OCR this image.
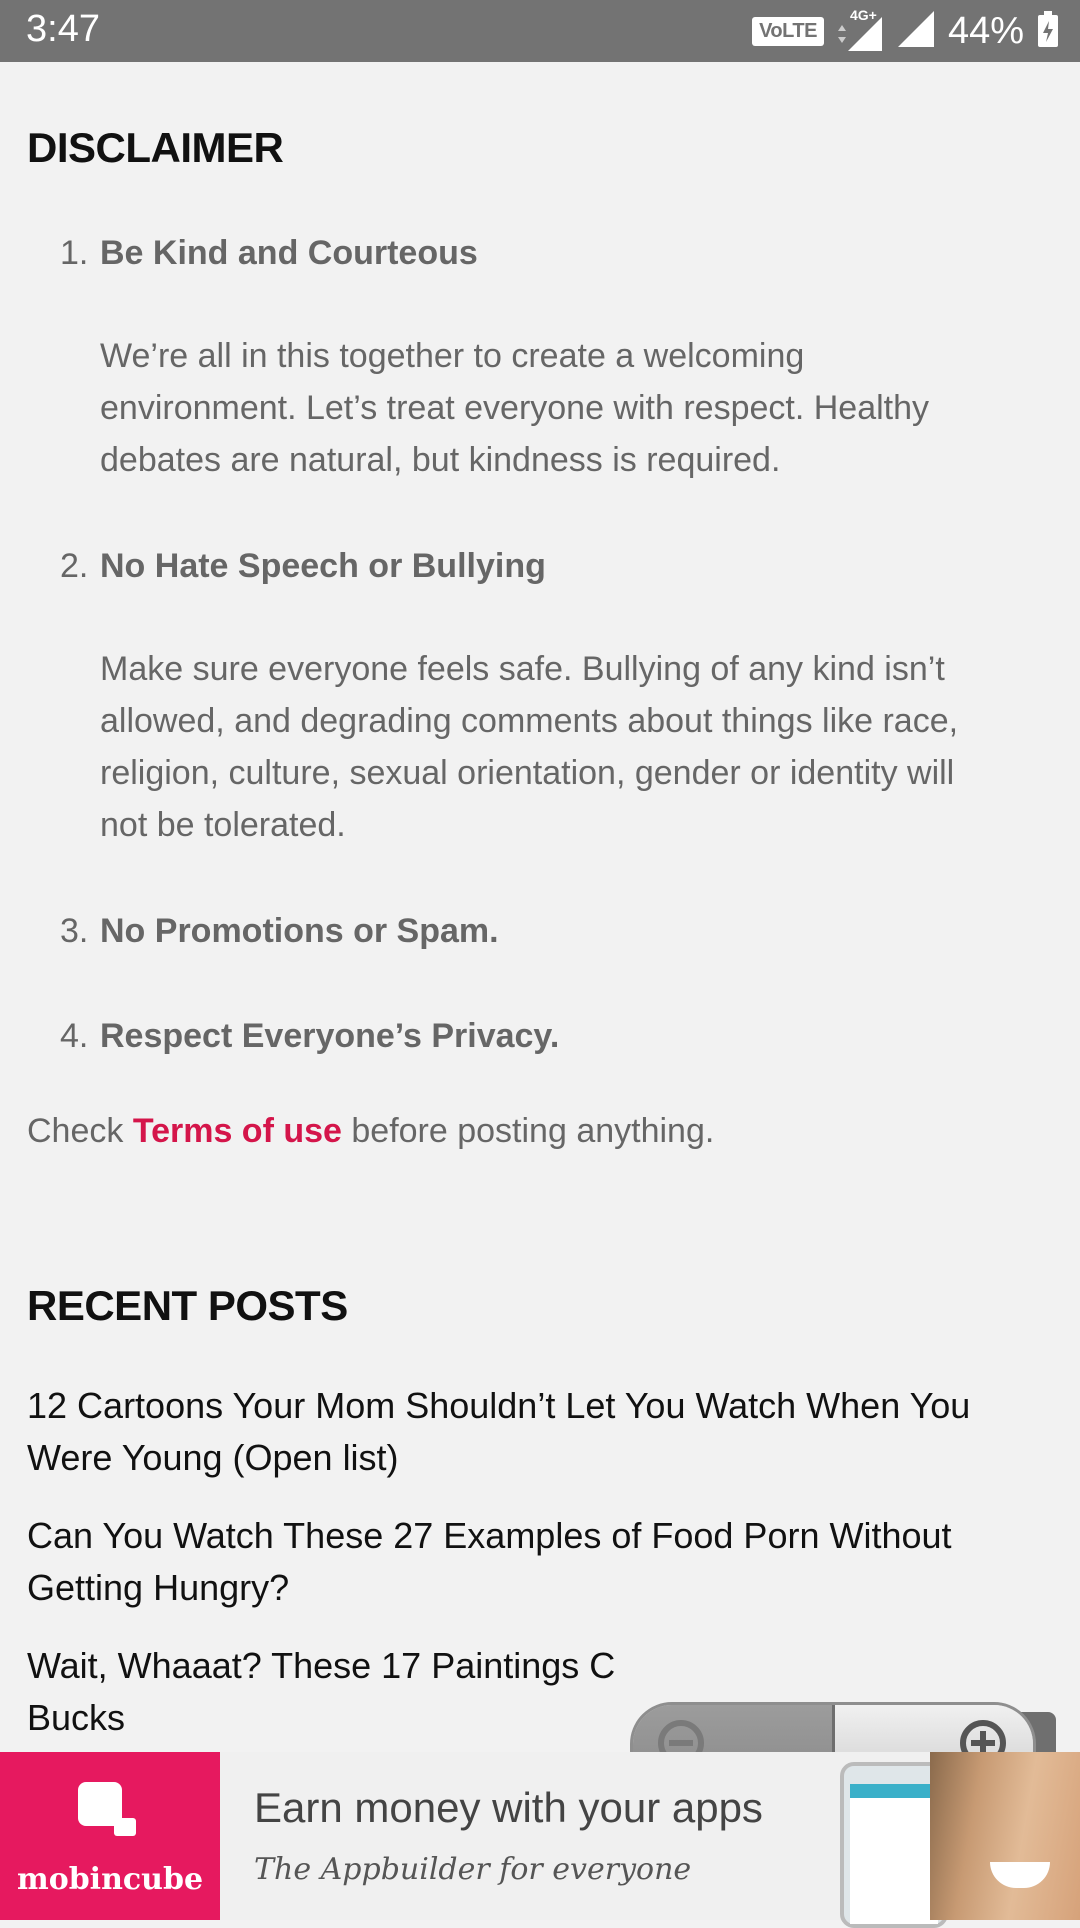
3:47	VoLTE
4G+ 44%
DISCLAIMER
1. Be Kind and Courteous
We’re all in this together to create a welcoming
environment. Let’s treat everyone with respect. Healthy
debates are natural, but kindness is required.
2. No Hate Speech or Bullying
Make sure everyone feels safe. Bullying of any kind isn’t
allowed, and degrading comments about things like race,
religion, culture, sexual orientation, gender or identity will
not be tolerated.
3. No Promotions or Spam.
4. Respect Everyone’s Privacy.
Check Terms of use before posting anything.
RECENT POSTS
12 Cartoons Your Mom Shouldn’t Let You Watch When You
Were Young (Open list)
Can You Watch These 27 Examples of Food Porn Without
Getting Hungry?
Wait, Whaaat? These 17 Paintings C
Bucks
mobincube
Earn money with your apps
The Appbuilder for everyone
